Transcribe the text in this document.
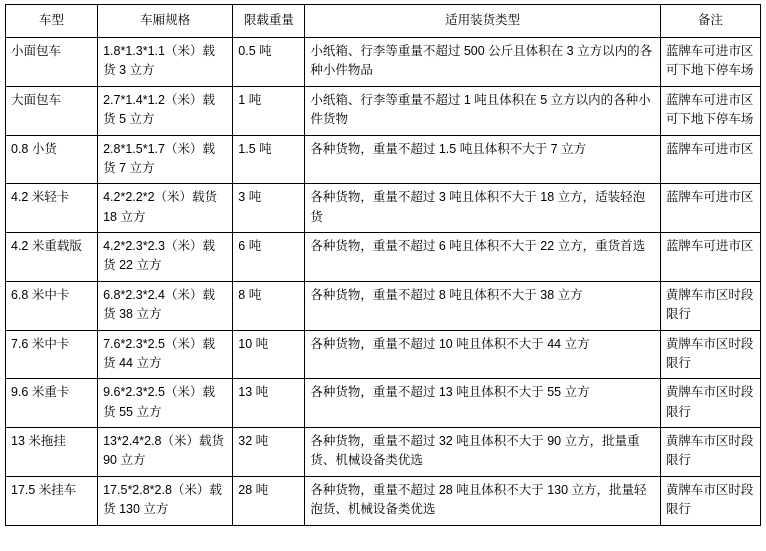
车型	车厢规格	限载重量	适用装货类型	备注
小面包车	1.8*1.3*1.1（米）载货 3 立方	0.5 吨	小纸箱、行李等重量不超过 500 公斤且体积在 3 立方以内的各种小件物品	蓝牌车可进市区 可下地下停车场
大面包车	2.7*1.4*1.2（米）载货 5 立方	1 吨	小纸箱、行李等重量不超过 1 吨且体积在 5 立方以内的各种小件货物	蓝牌车可进市区 可下地下停车场
0.8 小货	2.8*1.5*1.7（米）载货 7 立方	1.5 吨	各种货物，重量不超过 1.5 吨且体积不大于 7 立方	蓝牌车可进市区
4.2 米轻卡	4.2*2.2*2（米）载货 18 立方	3 吨	各种货物，重量不超过 3 吨且体积不大于 18 立方，适装轻泡货	蓝牌车可进市区
4.2 米重载版	4.2*2.3*2.3（米）载货 22 立方	6 吨	各种货物，重量不超过 6 吨且体积不大于 22 立方，重货首选	蓝牌车可进市区
6.8 米中卡	6.8*2.3*2.4（米）载货 38 立方	8 吨	各种货物，重量不超过 8 吨且体积不大于 38 立方	黄牌车市区时段限行
7.6 米中卡	7.6*2.3*2.5（米）载货 44 立方	10 吨	各种货物，重量不超过 10 吨且体积不大于 44 立方	黄牌车市区时段限行
9.6 米重卡	9.6*2.3*2.5（米）载货 55 立方	13 吨	各种货物，重量不超过 13 吨且体积不大于 55 立方	黄牌车市区时段限行
13 米拖挂	13*2.4*2.8（米）载货 90 立方	32 吨	各种货物，重量不超过 32 吨且体积不大于 90 立方，批量重货、机械设备类优选	黄牌车市区时段限行
17.5 米挂车	17.5*2.8*2.8（米）载货 130 立方	28 吨	各种货物，重量不超过 28 吨且体积不大于 130 立方，批量轻泡货、机械设备类优选	黄牌车市区时段限行
